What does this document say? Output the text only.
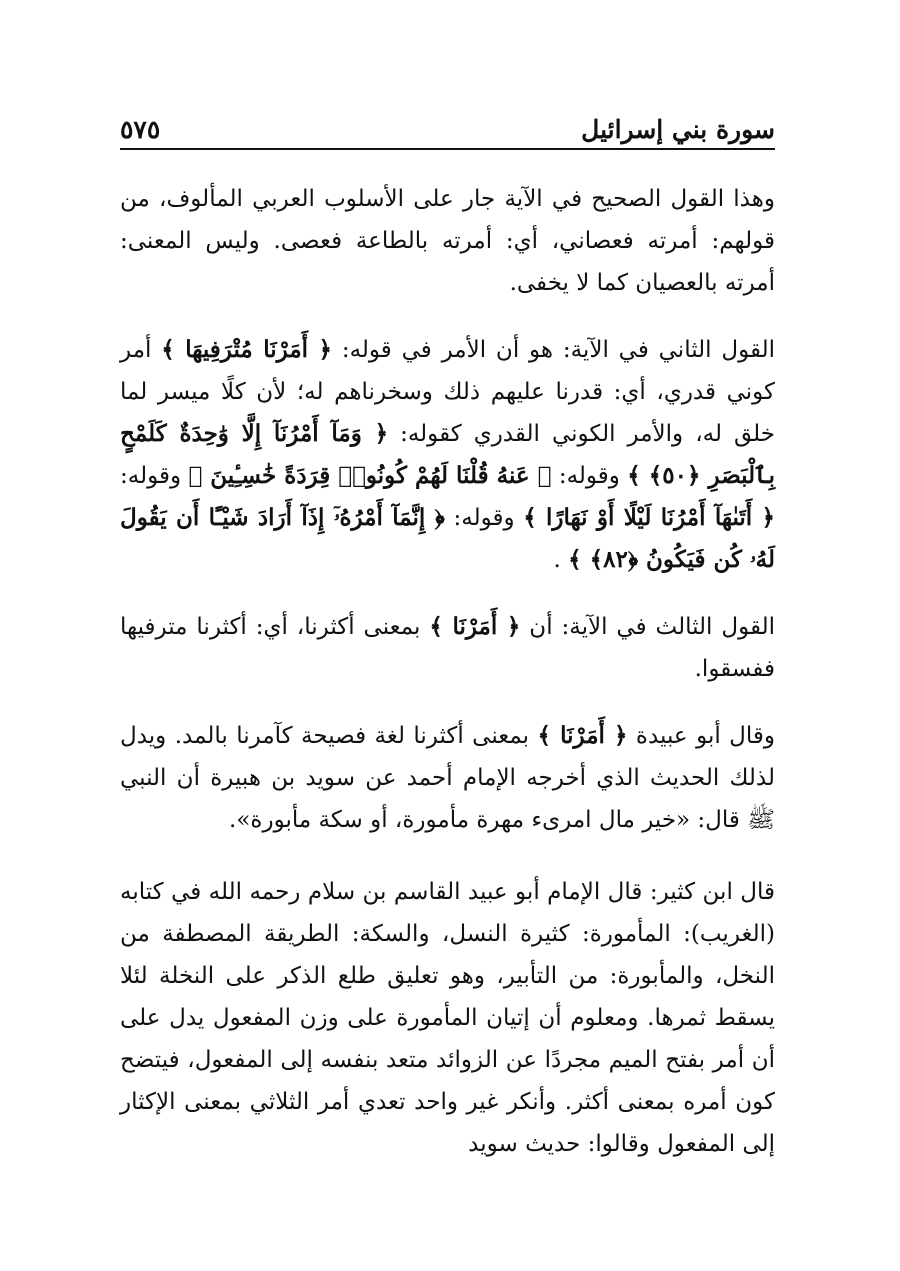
سورة بني إسرائيل
٥٧٥

وهذا القول الصحيح في الآية جار على الأسلوب العربي المألوف، من قولهم: أمرته فعصاني، أي: أمرته بالطاعة فعصى. وليس المعنى: أمرته بالعصيان كما لا يخفى.

القول الثاني في الآية: هو أن الأمر في قوله: ﴿ أَمَرْنَا مُتْرَفِيهَا ﴾ أمر كوني قدري، أي: قدرنا عليهم ذلك وسخرناهم له؛ لأن كلًا ميسر لما خلق له، والأمر الكوني القدري كقوله: ﴿ وَمَآ أَمْرُنَآ إِلَّا وَٰحِدَةٌ كَلَمْحٍ بِٱلْبَصَرِ ﴿٥٠﴾ ﴾ وقوله: ﴿ عَنهُ قُلْنَا لَهُمْ كُونُوا۟ قِرَدَةً خَٰسِـِٔينَ ﴾ وقوله: ﴿ أَتَىٰهَآ أَمْرُنَا لَيْلًا أَوْ نَهَارًا ﴾ وقوله: ﴿ إِنَّمَآ أَمْرُهُۥٓ إِذَآ أَرَادَ شَيْـًٔا أَن يَقُولَ لَهُۥ كُن فَيَكُونُ ﴿٨٢﴾ ﴾ .

القول الثالث في الآية: أن ﴿ أَمَرْنَا ﴾ بمعنى أكثرنا، أي: أكثرنا مترفيها ففسقوا.

وقال أبو عبيدة ﴿ أَمَرْنَا ﴾ بمعنى أكثرنا لغة فصيحة كآمرنا بالمد. ويدل لذلك الحديث الذي أخرجه الإمام أحمد عن سويد بن هبيرة أن النبي ﷺ قال: «خير مال امرىء مهرة مأمورة، أو سكة مأبورة».

قال ابن كثير: قال الإمام أبو عبيد القاسم بن سلام رحمه الله في كتابه (الغريب): المأمورة: كثيرة النسل، والسكة: الطريقة المصطفة من النخل، والمأبورة: من التأبير، وهو تعليق طلع الذكر على النخلة لئلا يسقط ثمرها. ومعلوم أن إتيان المأمورة على وزن المفعول يدل على أن أمر بفتح الميم مجردًا عن الزوائد متعد بنفسه إلى المفعول، فيتضح كون أمره بمعنى أكثر. وأنكر غير واحد تعدي أمر الثلاثي بمعنى الإكثار إلى المفعول وقالوا: حديث سويد
